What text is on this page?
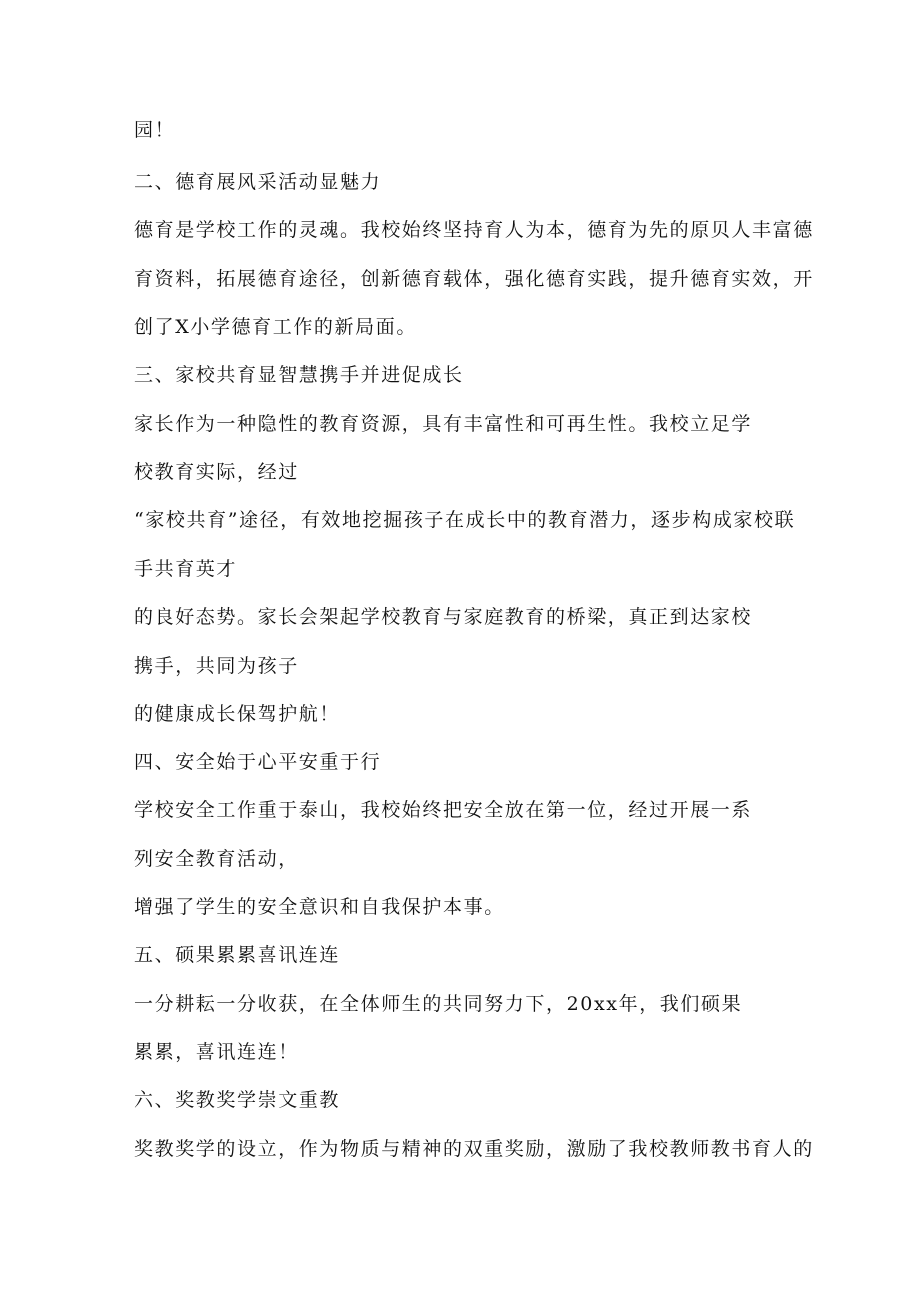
园！
二、德育展风采活动显魅力
德育是学校工作的灵魂。我校始终坚持育人为本，德育为先的原贝人丰富德
育资料，拓展德育途径，创新德育载体，强化德育实践，提升德育实效，开
创了X小学德育工作的新局面。
三、家校共育显智慧携手并进促成长
家长作为一种隐性的教育资源，具有丰富性和可再生性。我校立足学
校教育实际，经过
“家校共育”途径，有效地挖掘孩子在成长中的教育潜力，逐步构成家校联
手共育英才
的良好态势。家长会架起学校教育与家庭教育的桥梁，真正到达家校
携手，共同为孩子
的健康成长保驾护航！
四、安全始于心平安重于行
学校安全工作重于泰山，我校始终把安全放在第一位，经过开展一系
列安全教育活动，
增强了学生的安全意识和自我保护本事。
五、硕果累累喜讯连连
一分耕耘一分收获，在全体师生的共同努力下，20xx年，我们硕果
累累，喜讯连连！
六、奖教奖学崇文重教
奖教奖学的设立，作为物质与精神的双重奖励，激励了我校教师教书育人的
